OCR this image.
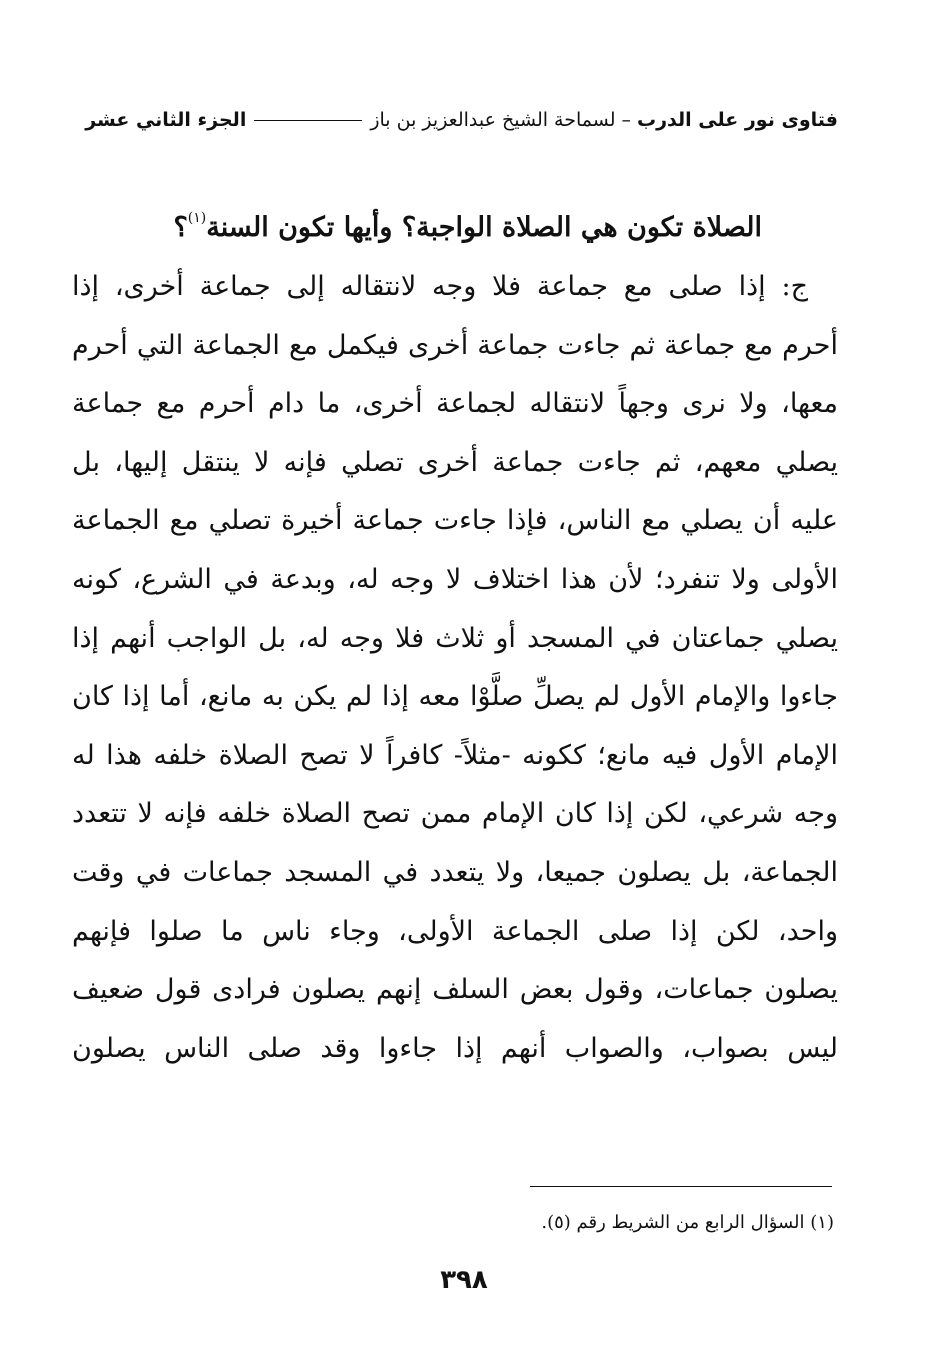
فتاوى نور على الدرب
–
لسماحة الشيخ عبدالعزيز بن باز
الجزء الثاني عشر
الصلاة تكون هي الصلاة الواجبة؟ وأيها تكون السنة$^{(١)}$؟
ج: إذا صلى مع جماعة فلا وجه لانتقاله إلى جماعة أخرى، إذا
أحرم مع جماعة ثم جاءت جماعة أخرى فيكمل مع الجماعة التي أحرم
معها، ولا نرى وجهاً لانتقاله لجماعة أخرى، ما دام أحرم مع جماعة
يصلي معهم، ثم جاءت جماعة أخرى تصلي فإنه لا ينتقل إليها، بل
عليه أن يصلي مع الناس، فإذا جاءت جماعة أخيرة تصلي مع الجماعة
الأولى ولا تنفرد؛ لأن هذا اختلاف لا وجه له، وبدعة في الشرع، كونه
يصلي جماعتان في المسجد أو ثلاث فلا وجه له، بل الواجب أنهم إذا
جاءوا والإمام الأول لم يصلِّ صلَّوْا معه إذا لم يكن به مانع، أما إذا كان
الإمام الأول فيه مانع؛ ككونه -مثلاً- كافراً لا تصح الصلاة خلفه هذا له
وجه شرعي، لكن إذا كان الإمام ممن تصح الصلاة خلفه فإنه لا تتعدد
الجماعة، بل يصلون جميعا، ولا يتعدد في المسجد جماعات في وقت
واحد، لكن إذا صلى الجماعة الأولى، وجاء ناس ما صلوا فإنهم
يصلون جماعات، وقول بعض السلف إنهم يصلون فرادى قول ضعيف
ليس بصواب، والصواب أنهم إذا جاءوا وقد صلى الناس يصلون
(١) السؤال الرابع من الشريط رقم (٥).
٣٩٨
